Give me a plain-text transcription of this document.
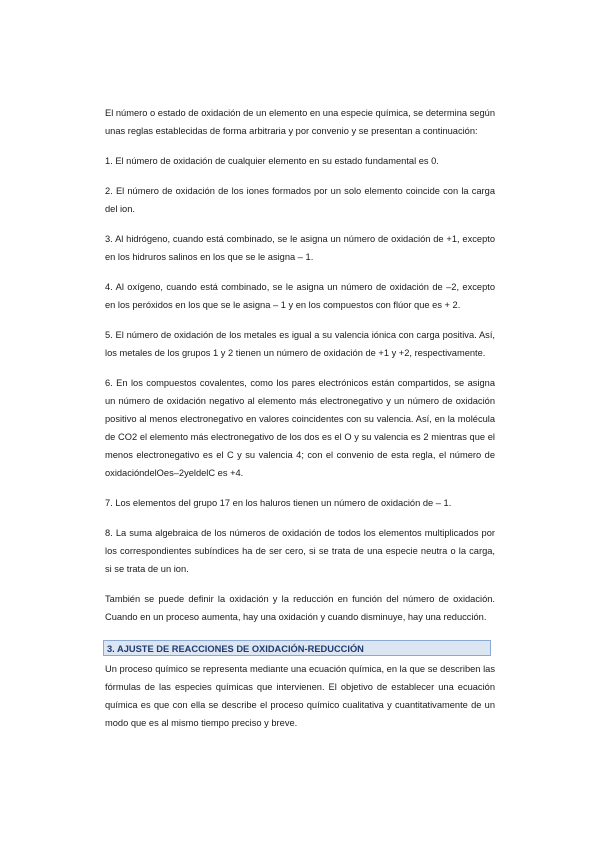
El número o estado de oxidación de un elemento en una especie química, se determina según unas reglas establecidas de forma arbitraria y por convenio y se presentan a continuación:

1. El número de oxidación de cualquier elemento en su estado fundamental es 0.

2. El número de oxidación de los iones formados por un solo elemento coincide con la carga del ion.

3. Al hidrógeno, cuando está combinado, se le asigna un número de oxidación de +1, excepto en los hidruros salinos en los que se le asigna – 1.

4. Al oxígeno, cuando está combinado, se le asigna un número de oxidación de –2, excepto en los peróxidos en los que se le asigna – 1 y en los compuestos con flúor que es + 2.

5. El número de oxidación de los metales es igual a su valencia iónica con carga positiva. Así, los metales de los grupos 1 y 2 tienen un número de oxidación de +1 y +2, respectivamente.

6. En los compuestos covalentes, como los pares electrónicos están compartidos, se asigna un número de oxidación negativo al elemento más electronegativo y un número de oxidación positivo al menos electronegativo en valores coincidentes con su valencia. Así, en la molécula de CO2 el elemento más electronegativo de los dos es el O y su valencia es 2 mientras que el menos electronegativo es el C y su valencia 4; con el convenio de esta regla, el número de oxidacióndelOes–2yeldelC es +4.

7. Los elementos del grupo 17 en los haluros tienen un número de oxidación de – 1.

8. La suma algebraica de los números de oxidación de todos los elementos multiplicados por los correspondientes subíndices ha de ser cero, si se trata de una especie neutra o la carga, si se trata de un ion.

También se puede definir la oxidación y la reducción en función del número de oxidación. Cuando en un proceso aumenta, hay una oxidación y cuando disminuye, hay una reducción.

3. AJUSTE DE REACCIONES DE OXIDACIÓN-REDUCCIÓN

Un proceso químico se representa mediante una ecuación química, en la que se describen las fórmulas de las especies químicas que intervienen. El objetivo de establecer una ecuación química es que con ella se describe el proceso químico cualitativa y cuantitativamente de un modo que es al mismo tiempo preciso y breve.
